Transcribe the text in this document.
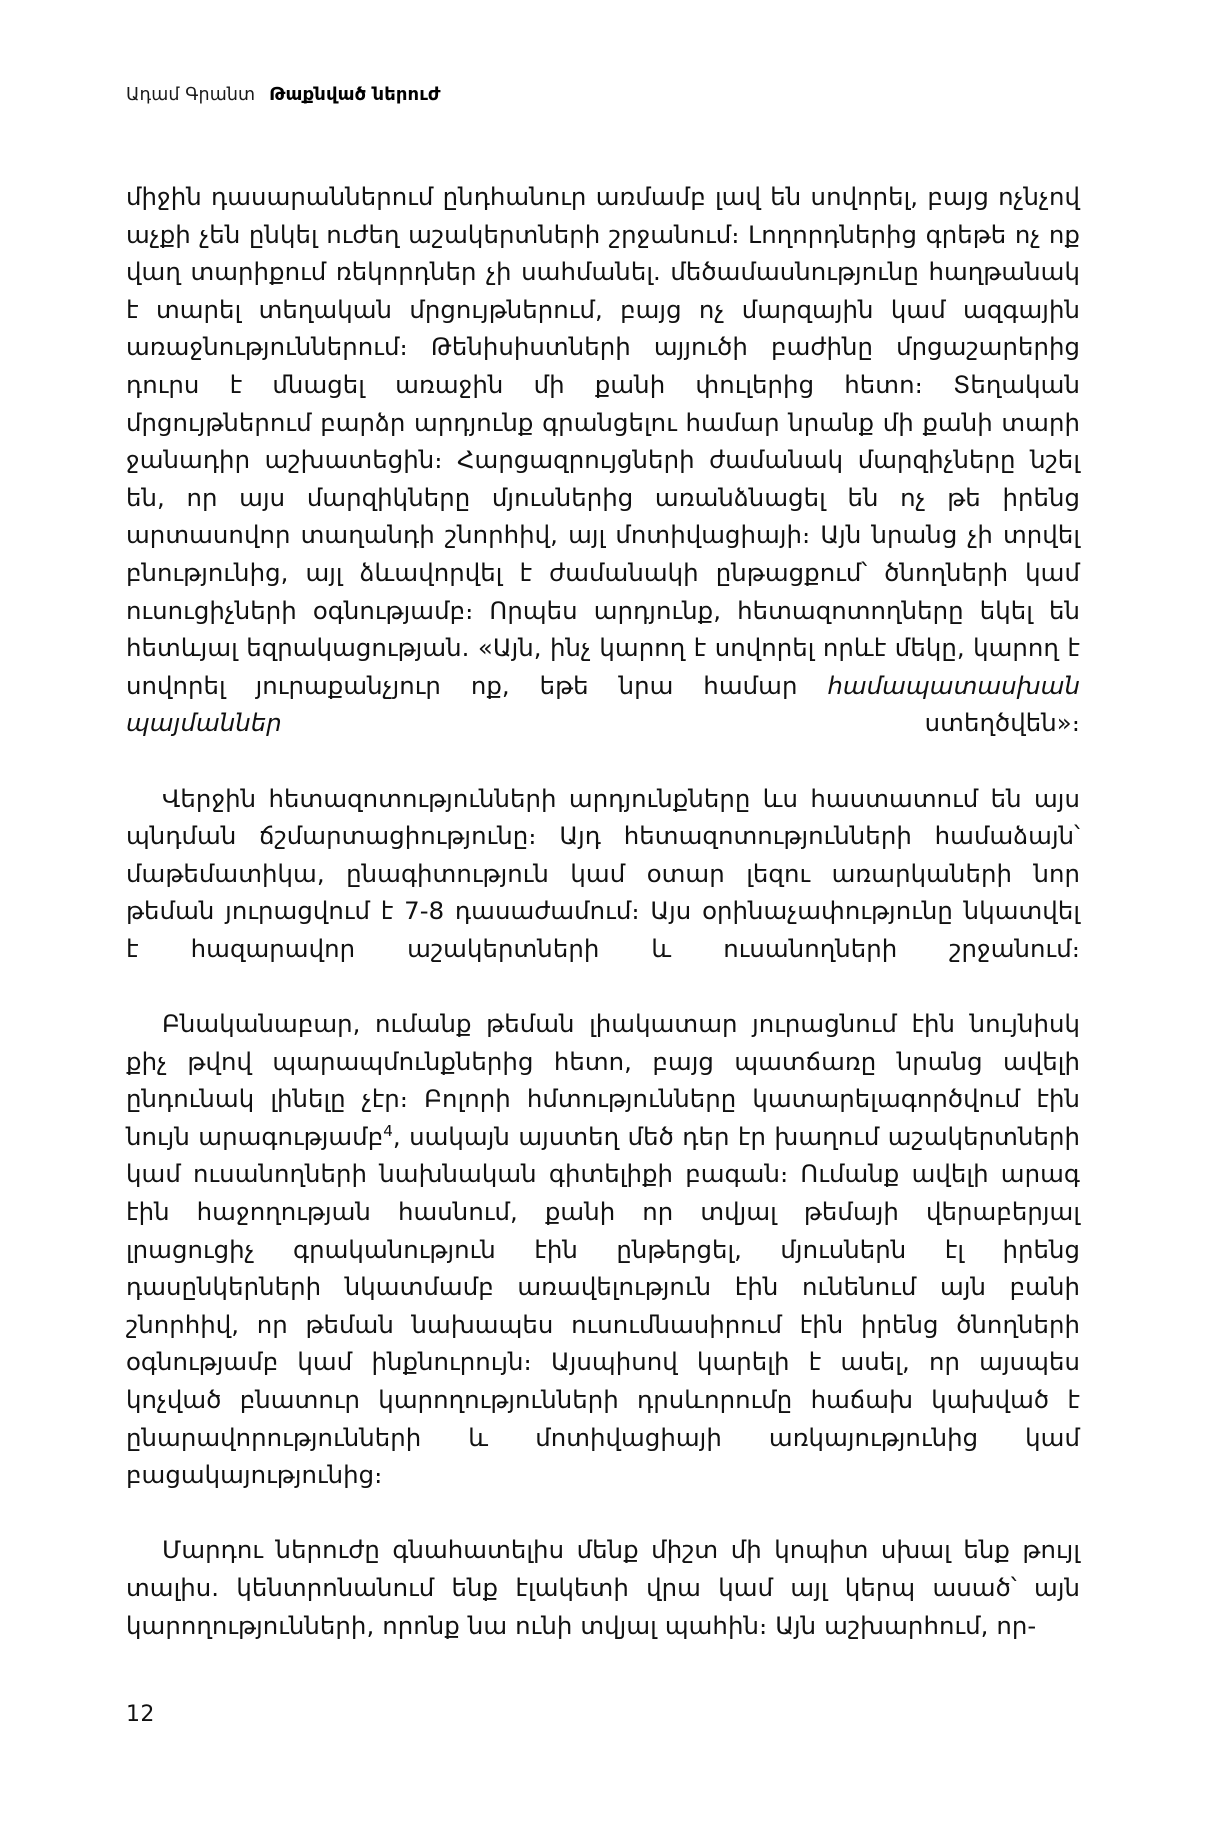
Ադամ Գրանտ Թաքնված ներուժ

միջին դասարաններում ընդհանուր առմամբ լավ են սովորել, բայց ոչնչով աչքի չեն ընկել ուժեղ աշակերտների շրջանում։ Լողորդներից գրեթե ոչ ոք վաղ տարիքում ռեկորդներ չի սահմանել. մեծամասնությունը հաղթանակ է տարել տեղական մրցույթներում, բայց ոչ մարզային կամ ազգային առաջնություններում։ Թենիսիստների այյուծի բաժինը մրցաշարերից դուրս է մնացել առաջին մի քանի փուլերից հետո։ Տեղական մրցույթներում բարձր արդյունք գրանցելու համար նրանք մի քանի տարի ջանադիր աշխատեցին։ Հարցազրույցների ժամանակ մարզիչները նշել են, որ այս մարզիկները մյուսներից առանձնացել են ոչ թե իրենց արտասովոր տաղանդի շնորհիվ, այլ մոտիվացիայի։ Այն նրանց չի տրվել բնությունից, այլ ձևավորվել է ժամանակի ընթացքում՝ ծնողների կամ ուսուցիչների օգնությամբ։ Որպես արդյունք, հետազոտողները եկել են հետևյալ եզրակացության. «Այն, ինչ կարող է սովորել որևէ մեկը, կարող է սովորել յուրաքանչյուր ոք, եթե նրա համար համապատասխան պայմաններ ստեղծվեն»։

Վերջին հետազոտությունների արդյունքները ևս հաստատում են այս պնդման ճշմարտացիությունը։ Այդ հետազոտությունների համաձայն՝ մաթեմատիկա, ընագիտություն կամ օտար լեզու առարկաների նոր թեման յուրացվում է 7-8 դասաժամում։ Այս օրինաչափությունը նկատվել է հազարավոր աշակերտների և ուսանողների շրջանում։

Բնականաբար, ումանք թեման լիակատար յուրացնում էին նույնիսկ քիչ թվով պարապմունքներից հետո, բայց պատճառը նրանց ավելի ընդունակ լինելը չէր։ Բոլորի հմտությունները կատարելագործվում էին նույն արագությամբ$^4$, սակայն այստեղ մեծ դեր էր խաղում աշակերտների կամ ուսանողների նախնական գիտելիքի բագան։ Ումանք ավելի արագ էին հաջողության հասնում, քանի որ տվյալ թեմայի վերաբերյալ լրացուցիչ գրականություն էին ընթերցել, մյուսներն էլ իրենց դասընկերների նկատմամբ առավելություն էին ունենում այն բանի շնորհիվ, որ թեման նախապես ուսումնասիրում էին իրենց ծնողների օգնությամբ կամ ինքնուրույն։ Այսպիսով կարելի է ասել, որ այսպես կոչված բնատուր կարողությունների դրսևորումը հաճախ կախված է ընարավորությունների և մոտիվացիայի առկայությունից կամ բացակայությունից։

Մարդու ներուժը գնահատելիս մենք միշտ մի կոպիտ սխալ ենք թույլ տալիս. կենտրոնանում ենք էլակետի վրա կամ այլ կերպ ասած՝ այն կարողությունների, որոնք նա ունի տվյալ պահին։ Այն աշխարհում, որ-

12
